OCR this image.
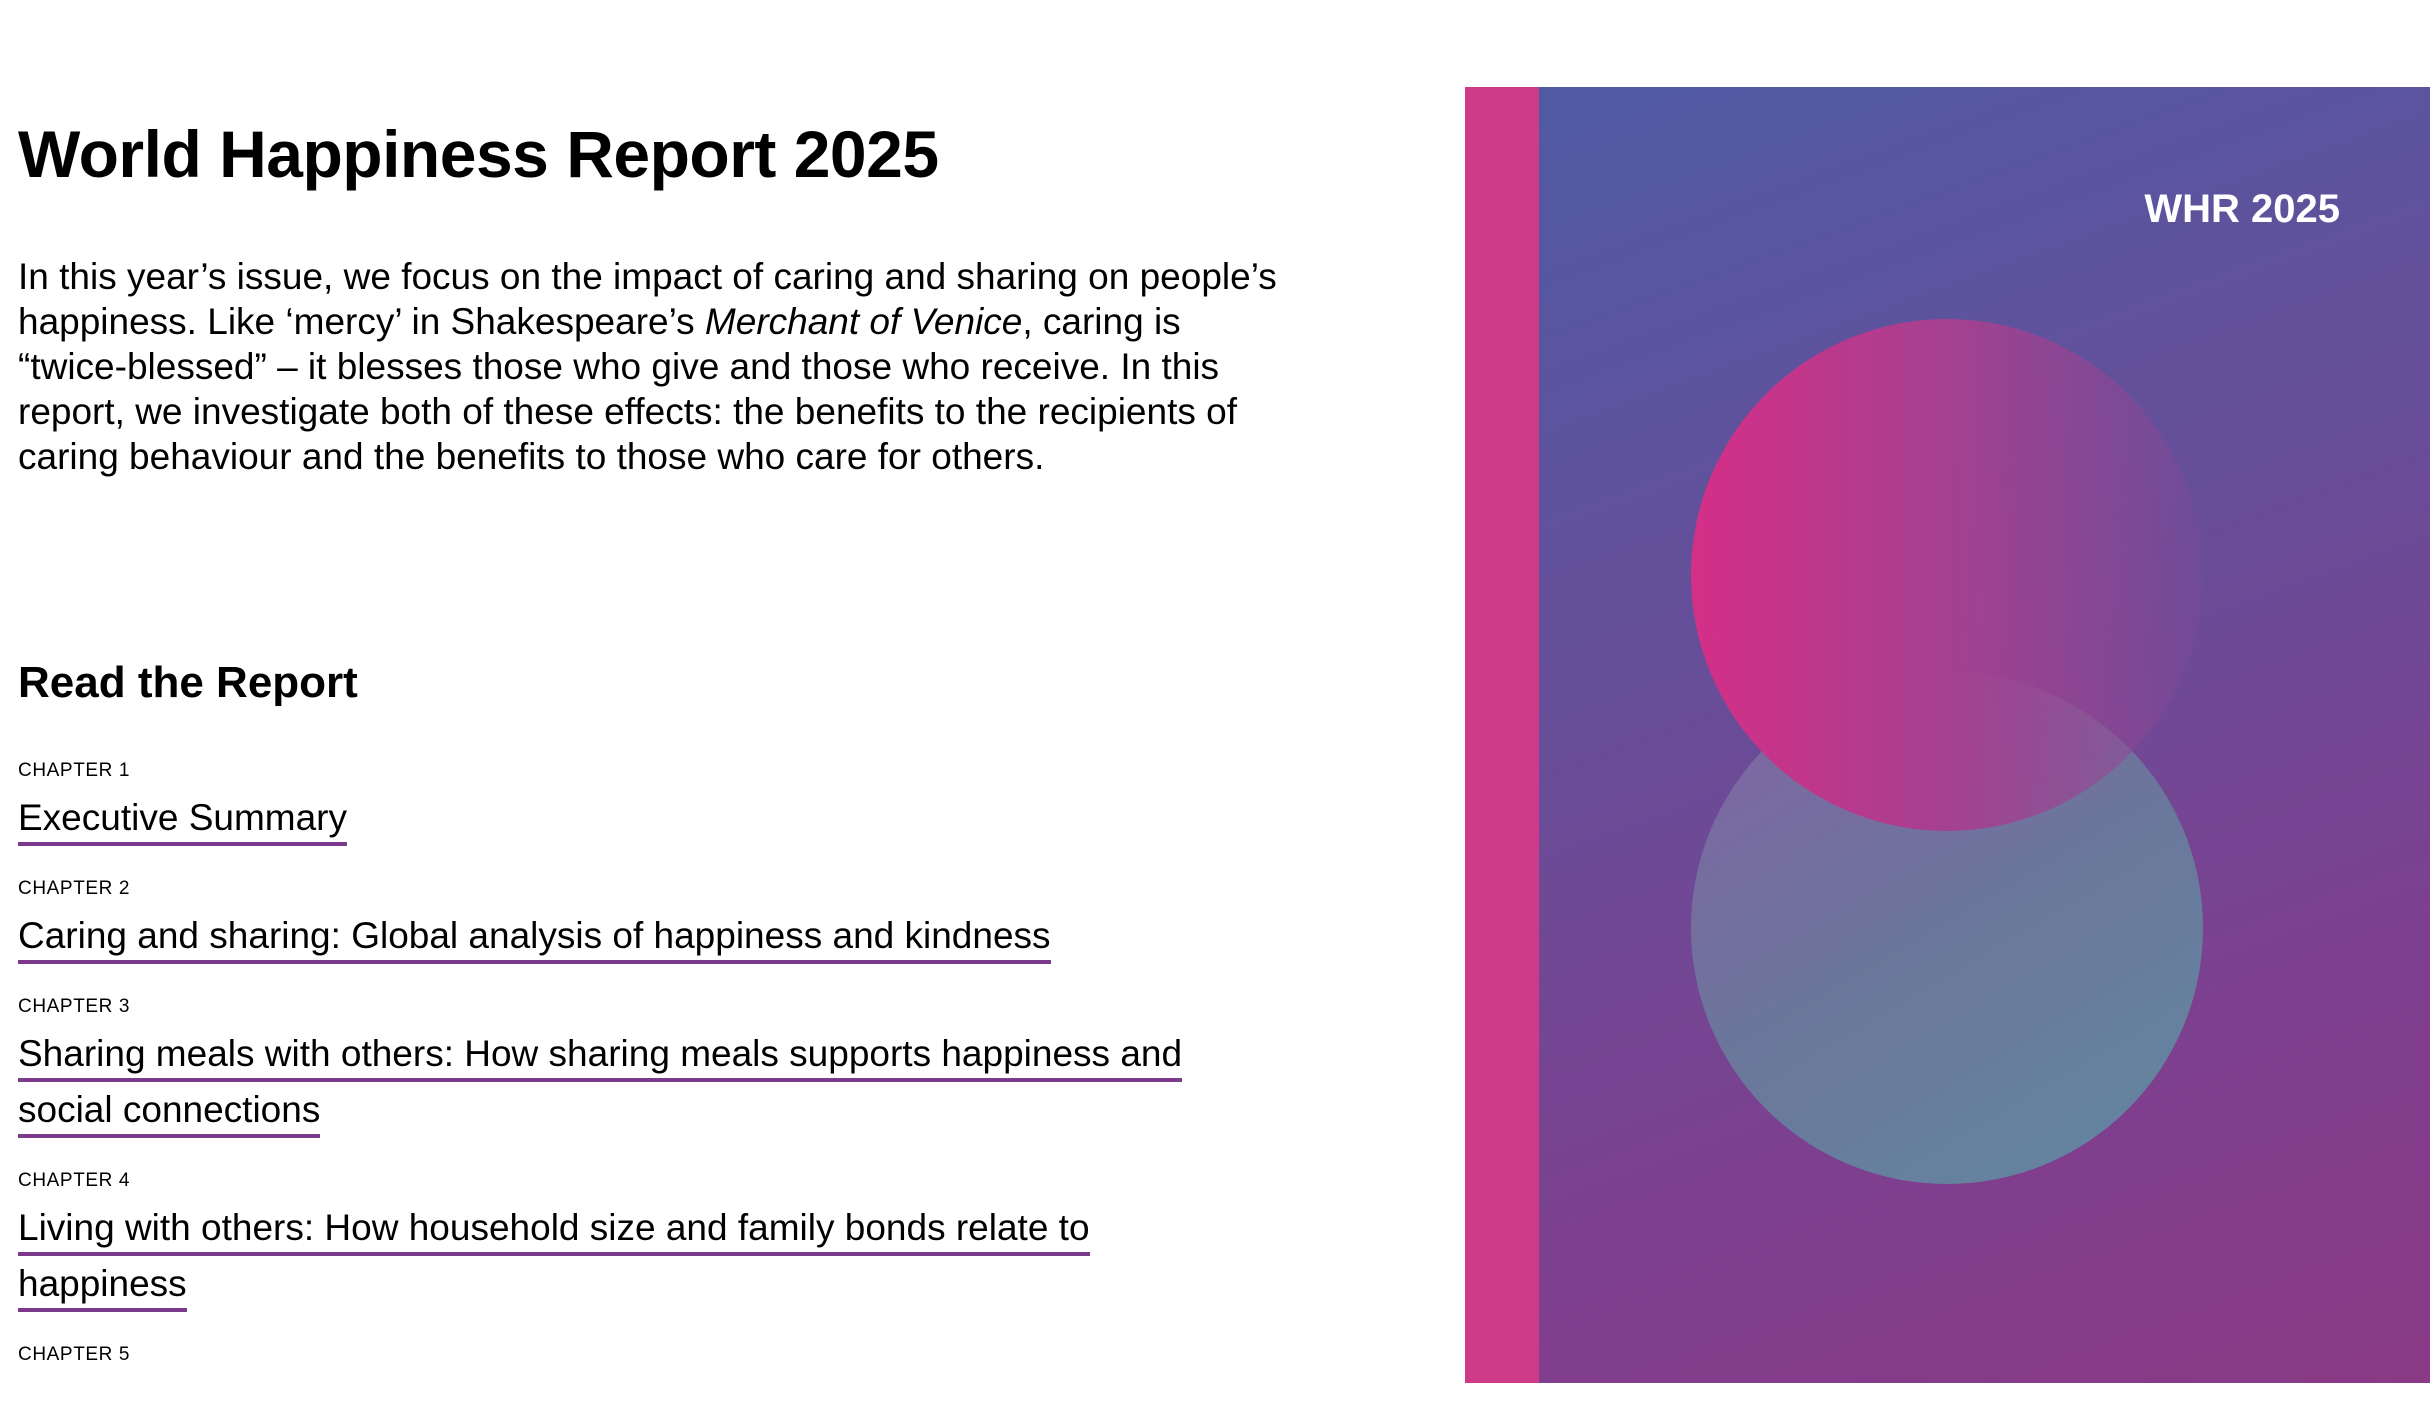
World Happiness Report 2025

In this year’s issue, we focus on the impact of caring and sharing on people’s happiness. Like ‘mercy’ in Shakespeare’s Merchant of Venice, caring is “twice-blessed” – it blesses those who give and those who receive. In this report, we investigate both of these effects: the benefits to the recipients of caring behaviour and the benefits to those who care for others.

Read the Report
CHAPTER 1
Executive Summary
CHAPTER 2
Caring and sharing: Global analysis of happiness and kindness
CHAPTER 3
Sharing meals with others: How sharing meals supports happiness and social connections
CHAPTER 4
Living with others: How household size and family bonds relate to happiness
CHAPTER 5
WHR 2025
